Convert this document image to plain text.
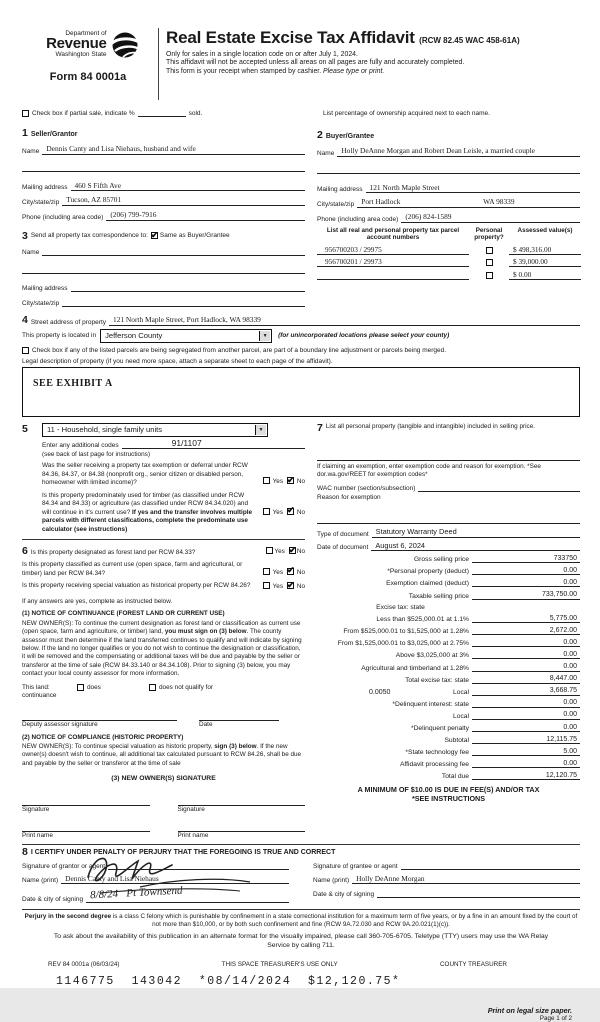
Department of
Revenue
Washington State
Form 84 0001a
Real Estate Excise Tax Affidavit (RCW 82.45 WAC 458-61A)
Only for sales in a single location code on or after July 1, 2024.
This affidavit will not be accepted unless all areas on all pages are fully and accurately completed.
This form is your receipt when stamped by cashier. Please type or print.
Check box if partial sale, indicate %	sold.	List percentage of ownership acquired next to each name.
1 Seller/Grantor
Name Dennis Canty and Lisa Niehaus, husband and wife
Mailing address 460 S Fifth Ave
City/state/zip Tucson, AZ 85701
Phone (including area code) (206) 799-7916
2 Buyer/Grantee
Name Holly DeAnne Morgan and Robert Dean Leisle, a married couple
Mailing address 121 North Maple Street
City/state/zip Port Hadlock	WA 98339
Phone (including area code) (206) 824-1589
3 Send all property tax correspondence to: ✔ Same as Buyer/Grantee
Name
Mailing address
City/state/zip
List all real and personal property tax parcel account numbers
Personal property?
Assessed value(s)
956700203 / 29975	$ 498,316.00
956700201 / 29973	$ 39,000.00
$ 0.00
4 Street address of property 121 North Maple Street, Port Hadlock, WA 98339
This property is located in Jefferson County	▼	(for unincorporated locations please select your county)
Check box if any of the listed parcels are being segregated from another parcel, are part of a boundary line adjustment or parcels being merged.
Legal description of property (if you need more space, attach a separate sheet to each page of the affidavit).
SEE EXHIBIT A
5	11 - Household, single family units	▼
Enter any additional codes	91/1107
(see back of last page for instructions)
Was the seller receiving a property tax exemption or deferral under RCW 84.36, 84.37, or 84.38 (nonprofit org., senior citizen or disabled person, homeowner with limited income)?	Yes ✔ No
Is this property predominately used for timber (as classified under RCW 84.34 and 84.33) or agriculture (as classified under RCW 84.34.020) and will continue in it's current use? If yes and the transfer involves multiple parcels with different classifications, complete the predominate use calculator (see instructions)
Yes ✔ No
6 Is this property designated as forest land per RCW 84.33?	Yes ✔ No
Is this property classified as current use (open space, farm and agricultural, or timber) land per RCW 84.34?	Yes ✔ No
Is this property receiving special valuation as historical property per RCW 84.26?	Yes ✔ No
If any answers are yes, complete as instructed below.
(1) NOTICE OF CONTINUANCE (FOREST LAND OR CURRENT USE)
NEW OWNER(S): To continue the current designation as forest land or classification as current use (open space, farm and agriculture, or timber) land, you must sign on (3) below. The county assessor must then determine if the land transferred continues to qualify and will indicate by signing below. If the land no longer qualifies or you do not wish to continue the designation or classification, it will be removed and the compensating or additional taxes will be due and payable by the seller or transferor at the time of sale (RCW 84.33.140 or 84.34.108). Prior to signing (3) below, you may contact your local county assessor for more information.
This land:	does	does not qualify for
continuance
Deputy assessor signature	Date
(2) NOTICE OF COMPLIANCE (HISTORIC PROPERTY)
NEW OWNER(S): To continue special valuation as historic property, sign (3) below. If the new owner(s) doesn't wish to continue, all additional tax calculated pursuant to RCW 84.26, shall be due and payable by the seller or transferor at the time of sale
(3) NEW OWNER(S) SIGNATURE
Signature	Signature
Print name	Print name
7 List all personal property (tangible and intangible) included in selling price.
If claiming an exemption, enter exemption code and reason for exemption. *See dor.wa.gov/REET for exemption codes*
WAC number (section/subsection)
Reason for exemption
Type of document Statutory Warranty Deed
Date of document August 6, 2024
Gross selling price	733750
*Personal property (deduct)	0.00
Exemption claimed (deduct)	0.00
Taxable selling price	733,750.00
Excise tax: state
Less than $525,000.01 at 1.1%	5,775.00
From $525,000.01 to $1,525,000 at 1.28%	2,672.00
From $1,525,000.01 to $3,025,000 at 2.75%	0.00
Above $3,025,000 at 3%	0.00
Agricultural and timberland at 1.28%	0.00
Total excise tax: state	8,447.00
0.0050	Local	3,668.75
*Delinquent interest: state	0.00
Local	0.00
*Delinquent penalty	0.00
Subtotal	12,115.75
*State technology fee	5.00
Affidavit processing fee	0.00
Total due	12,120.75
A MINIMUM OF $10.00 IS DUE IN FEE(S) AND/OR TAX
*SEE INSTRUCTIONS
8 I CERTIFY UNDER PENALTY OF PERJURY THAT THE FOREGOING IS TRUE AND CORRECT
Signature of grantor or agent
Name (print) Dennis Canty and Lisa Niehaus
Date & city of signing 8/8/24   Pt Townsend
Signature of grantee or agent
Name (print) Holly DeAnne Morgan
Date & city of signing
Perjury in the second degree is a class C felony which is punishable by confinement in a state correctional institution for a maximum term of five years, or by a fine in an amount fixed by the court of not more than $10,000, or by both such confinement and fine (RCW 9A.72.030 and RCW 9A.20.021(1)(c)).
To ask about the availability of this publication in an alternate format for the visually impaired, please call 360-705-6705. Teletype (TTY) users may use the WA Relay Service by calling 711.
REV 84 0001a (06/03/24)	THIS SPACE TREASURER'S USE ONLY	COUNTY TREASURER
1146775  143042  *08/14/2024  $12,120.75*
Print on legal size paper.
Page 1 of 2
